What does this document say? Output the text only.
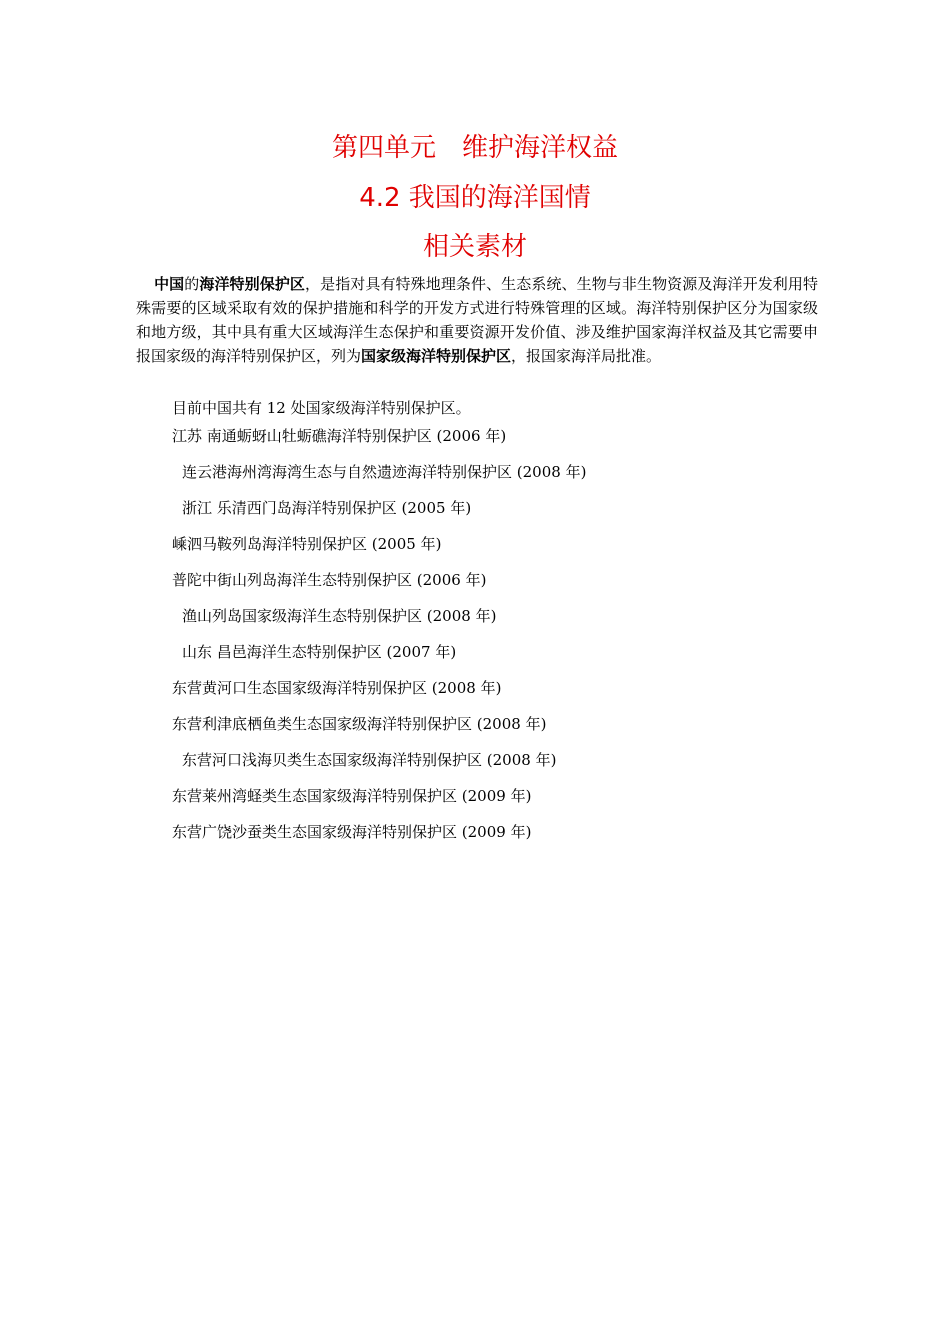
第四单元　维护海洋权益
4.2 我国的海洋国情
相关素材

中国的海洋特别保护区，是指对具有特殊地理条件、生态系统、生物与非生物资源及海洋开发利用特殊需要的区域采取有效的保护措施和科学的开发方式进行特殊管理的区域。海洋特别保护区分为国家级和地方级，其中具有重大区域海洋生态保护和重要资源开发价值、涉及维护国家海洋权益及其它需要申报国家级的海洋特别保护区，列为国家级海洋特别保护区，报国家海洋局批准。

目前中国共有 12 处国家级海洋特别保护区。

江苏 南通蛎蚜山牡蛎礁海洋特别保护区 (2006 年)
连云港海州湾海湾生态与自然遗迹海洋特别保护区 (2008 年)
浙江 乐清西门岛海洋特别保护区 (2005 年)
嵊泗马鞍列岛海洋特别保护区 (2005 年)
普陀中街山列岛海洋生态特别保护区 (2006 年)
渔山列岛国家级海洋生态特别保护区 (2008 年)
山东 昌邑海洋生态特别保护区 (2007 年)
东营黄河口生态国家级海洋特别保护区 (2008 年)
东营利津底栖鱼类生态国家级海洋特别保护区 (2008 年)
东营河口浅海贝类生态国家级海洋特别保护区 (2008 年)
东营莱州湾蛏类生态国家级海洋特别保护区 (2009 年)
东营广饶沙蚕类生态国家级海洋特别保护区 (2009 年)
